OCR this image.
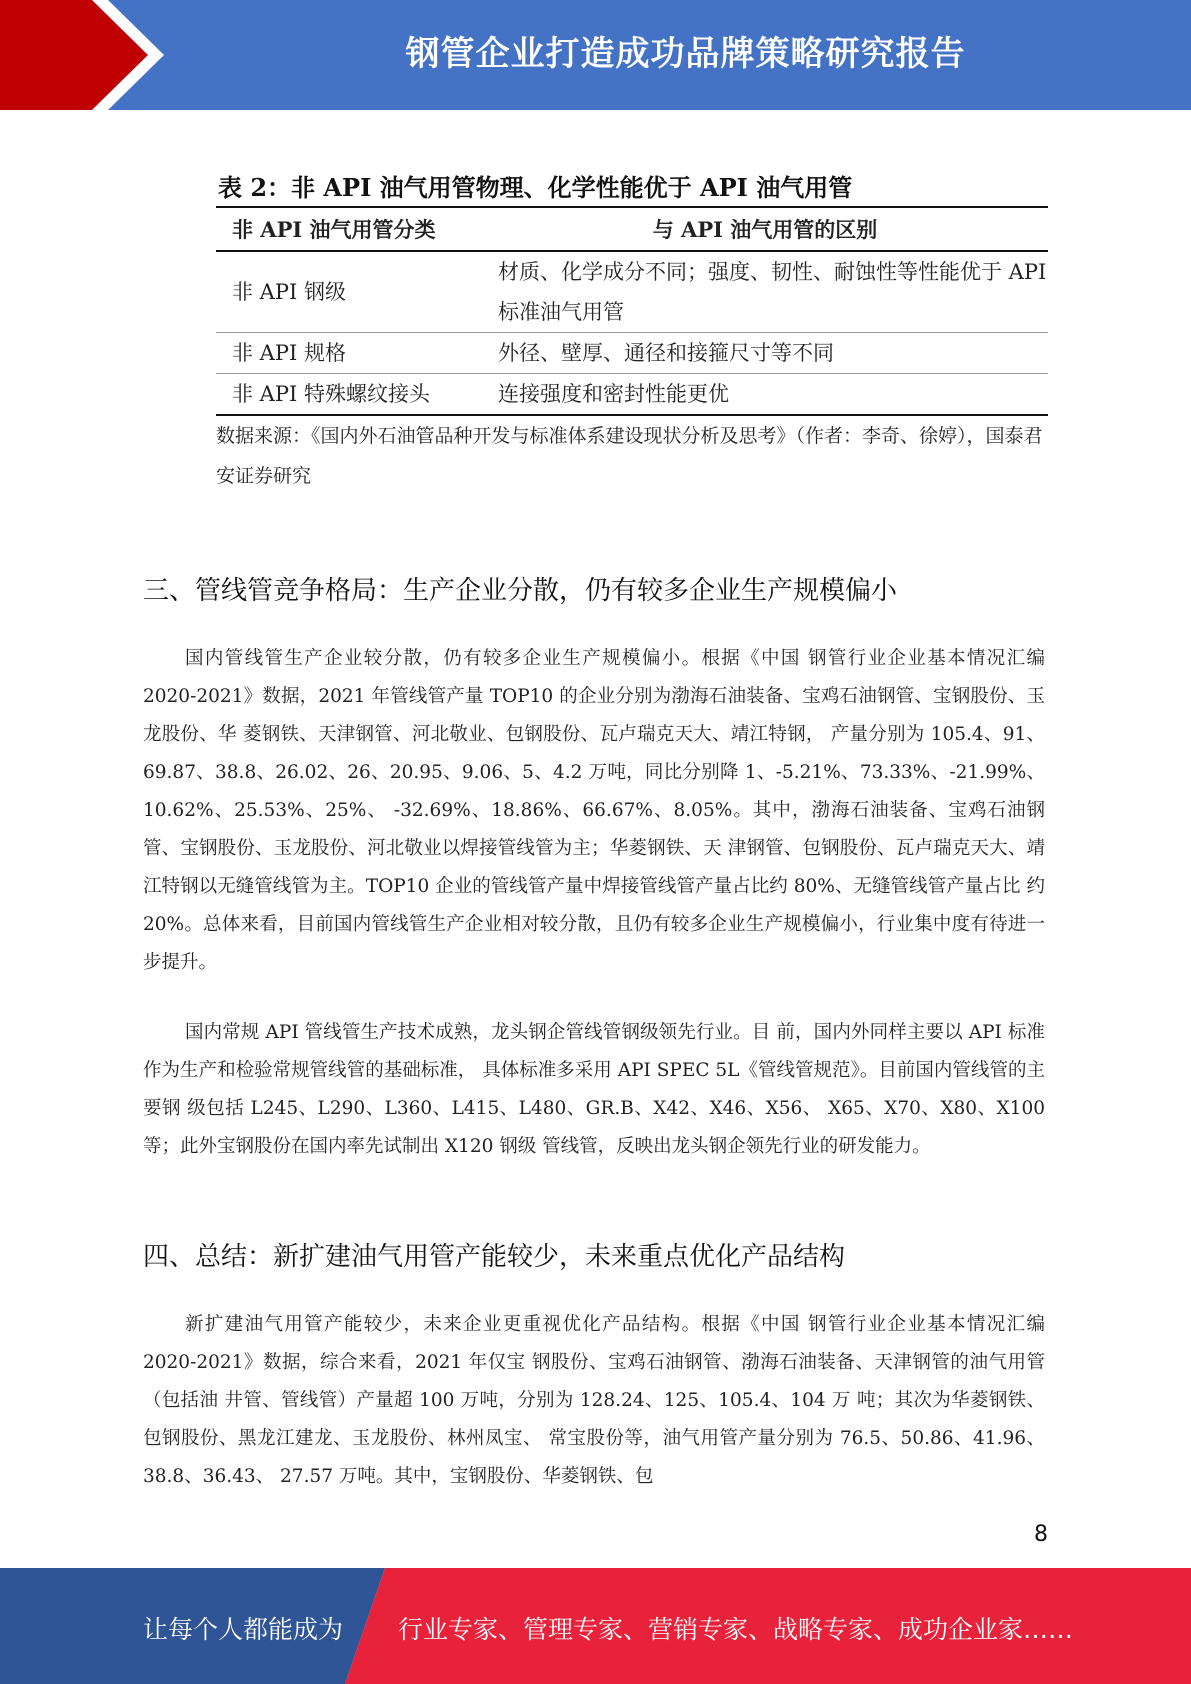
钢管企业打造成功品牌策略研究报告
表 2：非 API 油气用管物理、化学性能优于 API 油气用管
非 API 油气用管分类	与 API 油气用管的区别
非 API 钢级	材质、化学成分不同；强度、韧性、耐蚀性等性能优于 API 标准油气用管
非 API 规格	外径、壁厚、通径和接箍尺寸等不同
非 API 特殊螺纹接头	连接强度和密封性能更优
数据来源：《国内外石油管品种开发与标准体系建设现状分析及思考》（作者：李奇、徐婷），国泰君安证券研究
三、管线管竞争格局：生产企业分散，仍有较多企业生产规模偏小
国内管线管生产企业较分散，仍有较多企业生产规模偏小。根据《中国 钢管行业企业基本情况汇编 2020-2021》数据，2021 年管线管产量 TOP10 的企业分别为渤海石油装备、宝鸡石油钢管、宝钢股份、玉龙股份、华 菱钢铁、天津钢管、河北敬业、包钢股份、瓦卢瑞克天大、靖江特钢， 产量分别为 105.4、91、69.87、38.8、26.02、26、20.95、9.06、5、4.2 万吨，同比分别降 1、-5.21%、73.33%、-21.99%、10.62%、25.53%、25%、 -32.69%、18.86%、66.67%、8.05%。其中，渤海石油装备、宝鸡石油钢 管、宝钢股份、玉龙股份、河北敬业以焊接管线管为主；华菱钢铁、天 津钢管、包钢股份、瓦卢瑞克天大、靖江特钢以无缝管线管为主。TOP10 企业的管线管产量中焊接管线管产量占比约 80%、无缝管线管产量占比 约 20%。总体来看，目前国内管线管生产企业相对较分散，且仍有较多企业生产规模偏小，行业集中度有待进一步提升。
国内常规 API 管线管生产技术成熟，龙头钢企管线管钢级领先行业。目 前，国内外同样主要以 API 标准作为生产和检验常规管线管的基础标准， 具体标准多采用 API SPEC 5L《管线管规范》。目前国内管线管的主要钢 级包括 L245、L290、L360、L415、L480、GR.B、X42、X46、X56、 X65、X70、X80、X100 等；此外宝钢股份在国内率先试制出 X120 钢级 管线管，反映出龙头钢企领先行业的研发能力。
四、总结：新扩建油气用管产能较少，未来重点优化产品结构
新扩建油气用管产能较少，未来企业更重视优化产品结构。根据《中国 钢管行业企业基本情况汇编 2020-2021》数据，综合来看，2021 年仅宝 钢股份、宝鸡石油钢管、渤海石油装备、天津钢管的油气用管（包括油 井管、管线管）产量超 100 万吨，分别为 128.24、125、105.4、104 万 吨；其次为华菱钢铁、包钢股份、黑龙江建龙、玉龙股份、林州凤宝、 常宝股份等，油气用管产量分别为 76.5、50.86、41.96、38.8、36.43、 27.57 万吨。其中，宝钢股份、华菱钢铁、包
8
让每个人都能成为 行业专家、管理专家、营销专家、战略专家、成功企业家……
